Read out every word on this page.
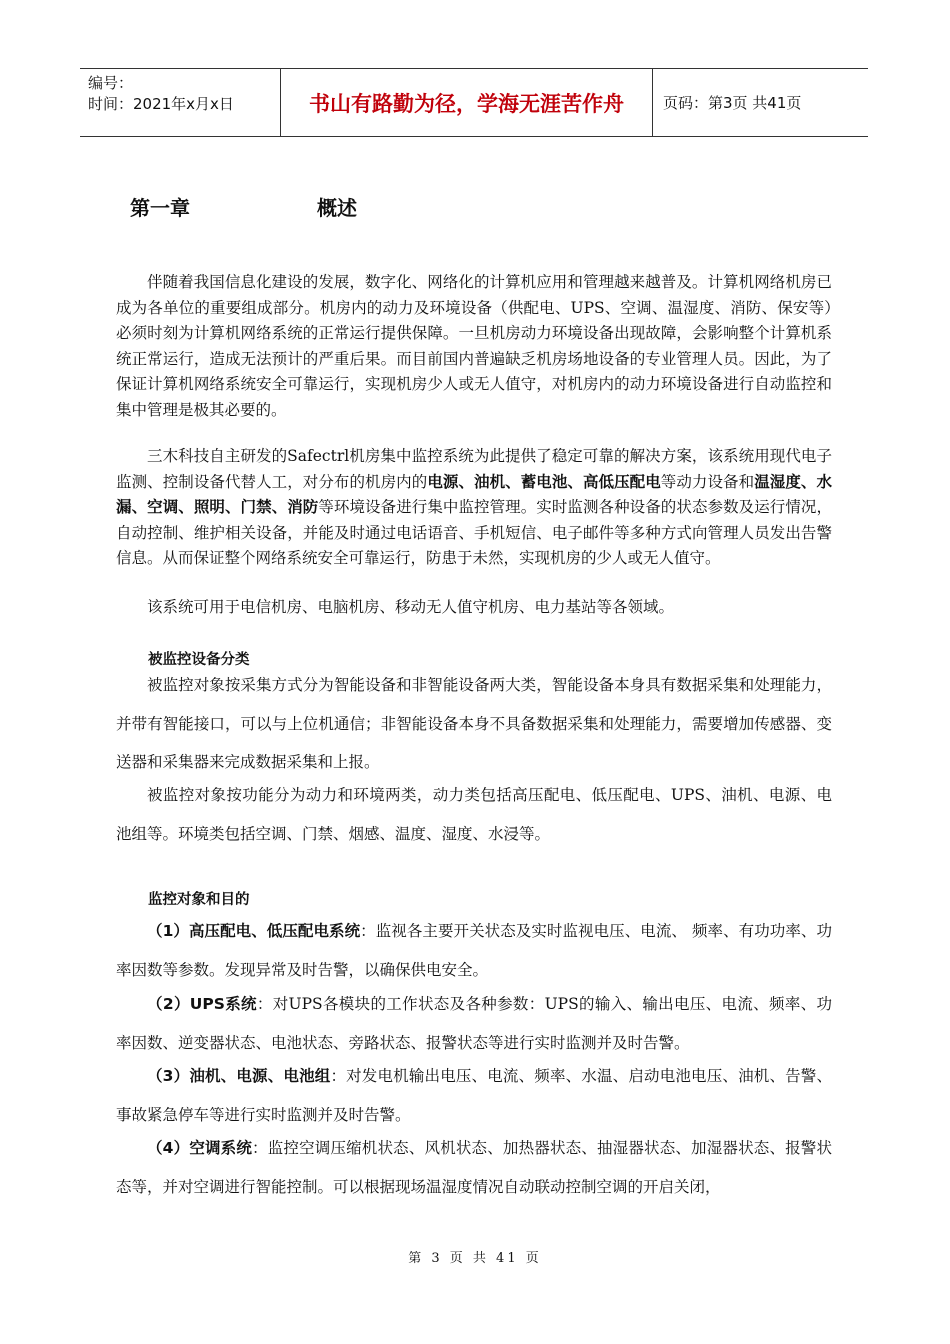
编号：
时间：2021年x月x日	书山有路勤为径，学海无涯苦作舟	页码：第3页 共41页
第一章	概述

伴随着我国信息化建设的发展，数字化、网络化的计算机应用和管理越来越普及。计算机网络机房已成为各单位的重要组成部分。机房内的动力及环境设备（供配电、UPS、空调、温湿度、消防、保安等）必须时刻为计算机网络系统的正常运行提供保障。一旦机房动力环境设备出现故障，会影响整个计算机系统正常运行，造成无法预计的严重后果。而目前国内普遍缺乏机房场地设备的专业管理人员。因此，为了保证计算机网络系统安全可靠运行，实现机房少人或无人值守，对机房内的动力环境设备进行自动监控和集中管理是极其必要的。

三木科技自主研发的Safectrl机房集中监控系统为此提供了稳定可靠的解决方案，该系统用现代电子监测、控制设备代替人工，对分布的机房内的电源、油机、蓄电池、高低压配电等动力设备和温湿度、水漏、空调、照明、门禁、消防等环境设备进行集中监控管理。实时监测各种设备的状态参数及运行情况，自动控制、维护相关设备，并能及时通过电话语音、手机短信、电子邮件等多种方式向管理人员发出告警信息。从而保证整个网络系统安全可靠运行，防患于未然，实现机房的少人或无人值守。

该系统可用于电信机房、电脑机房、移动无人值守机房、电力基站等各领域。

被监控设备分类

被监控对象按采集方式分为智能设备和非智能设备两大类，智能设备本身具有数据采集和处理能力，并带有智能接口，可以与上位机通信；非智能设备本身不具备数据采集和处理能力，需要增加传感器、变送器和采集器来完成数据采集和上报。

被监控对象按功能分为动力和环境两类，动力类包括高压配电、低压配电、UPS、油机、电源、电池组等。环境类包括空调、门禁、烟感、温度、湿度、水浸等。

监控对象和目的

（1）高压配电、低压配电系统：监视各主要开关状态及实时监视电压、电流、 频率、有功功率、功率因数等参数。发现异常及时告警，以确保供电安全。

（2）UPS系统：对UPS各模块的工作状态及各种参数：UPS的输入、输出电压、电流、频率、功率因数、逆变器状态、电池状态、旁路状态、报警状态等进行实时监测并及时告警。

（3）油机、电源、电池组：对发电机输出电压、电流、频率、水温、启动电池电压、油机、告警、事故紧急停车等进行实时监测并及时告警。

（4）空调系统：监控空调压缩机状态、风机状态、加热器状态、抽湿器状态、加湿器状态、报警状态等，并对空调进行智能控制。可以根据现场温湿度情况自动联动控制空调的开启关闭，

第 3 页 共 41 页
